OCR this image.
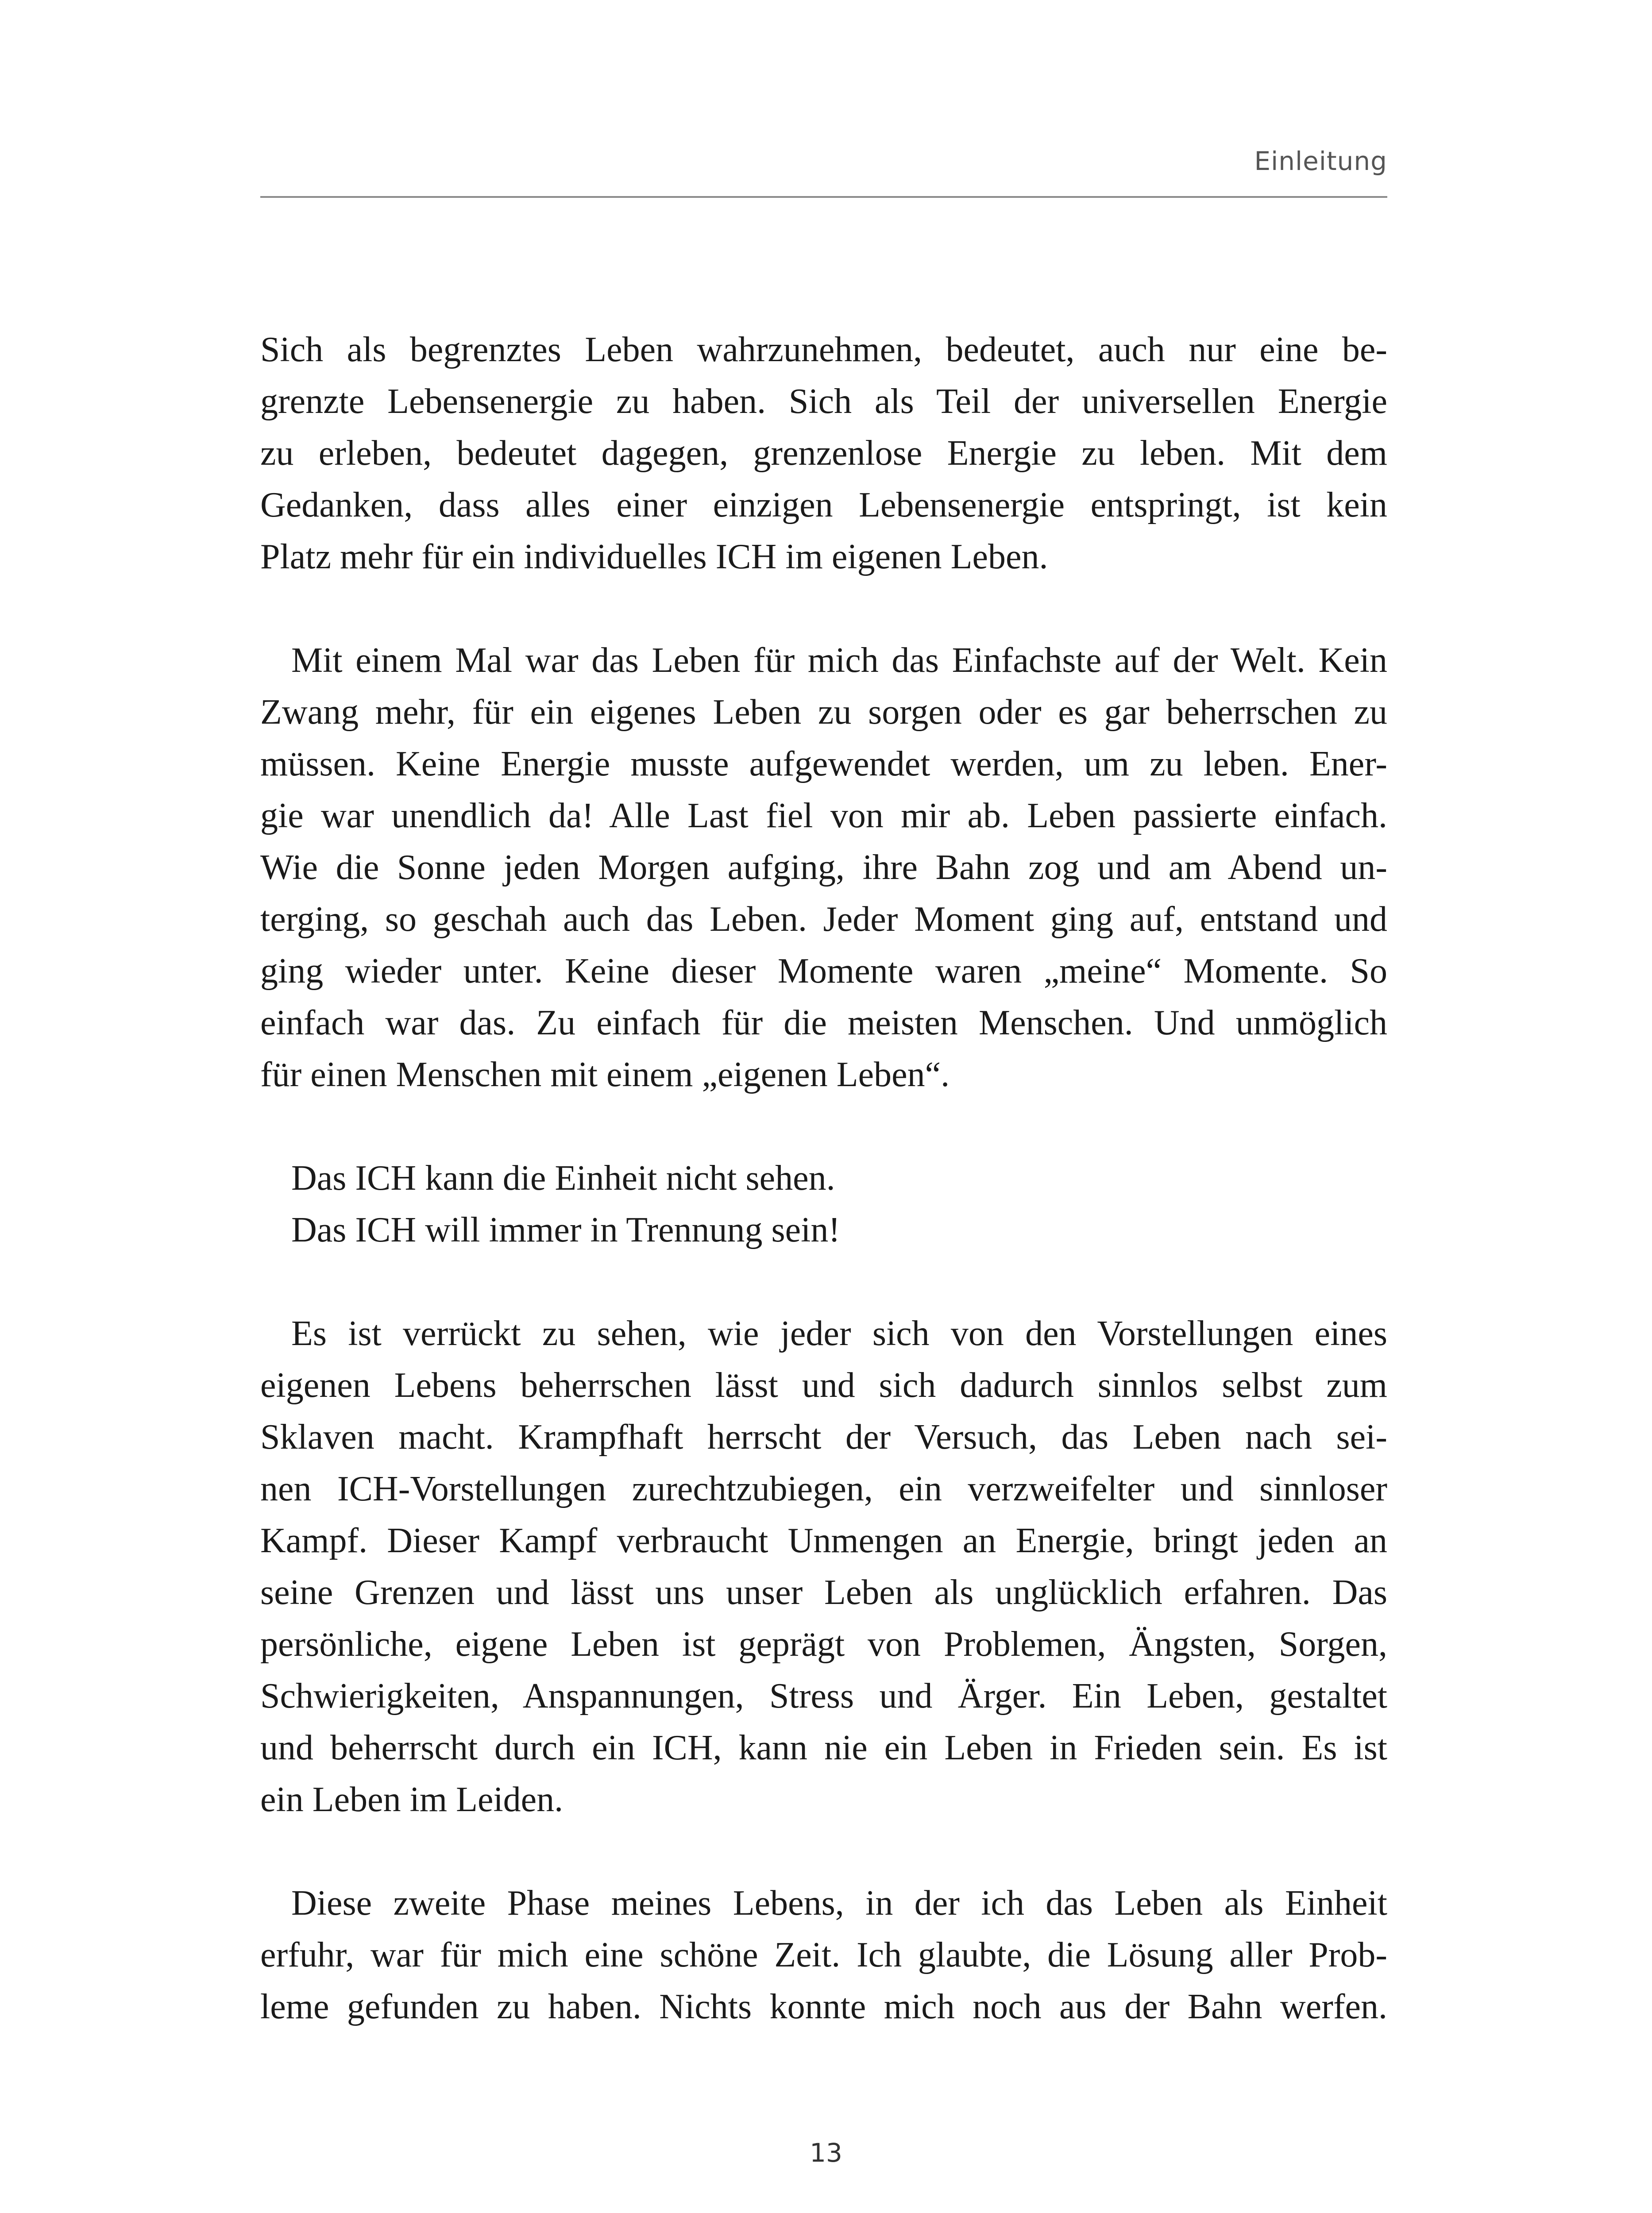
Einleitung
Sich als begrenztes Leben wahrzunehmen, bedeutet, auch nur eine be-
grenzte Lebensenergie zu haben. Sich als Teil der universellen Energie
zu erleben, bedeutet dagegen, grenzenlose Energie zu leben. Mit dem
Gedanken, dass alles einer einzigen Lebensenergie entspringt, ist kein
Platz mehr für ein individuelles ICH im eigenen Leben.
Mit einem Mal war das Leben für mich das Einfachste auf der Welt. Kein
Zwang mehr, für ein eigenes Leben zu sorgen oder es gar beherrschen zu
müssen. Keine Energie musste aufgewendet werden, um zu leben. Ener-
gie war unendlich da! Alle Last fiel von mir ab. Leben passierte einfach.
Wie die Sonne jeden Morgen aufging, ihre Bahn zog und am Abend un-
terging, so geschah auch das Leben. Jeder Moment ging auf, entstand und
ging wieder unter. Keine dieser Momente waren „meine“ Momente. So
einfach war das. Zu einfach für die meisten Menschen. Und unmöglich
für einen Menschen mit einem „eigenen Leben“.
Das ICH kann die Einheit nicht sehen.
Das ICH will immer in Trennung sein!
Es ist verrückt zu sehen, wie jeder sich von den Vorstellungen eines
eigenen Lebens beherrschen lässt und sich dadurch sinnlos selbst zum
Sklaven macht. Krampfhaft herrscht der Versuch, das Leben nach sei-
nen ICH-Vorstellungen zurechtzubiegen, ein verzweifelter und sinnloser
Kampf. Dieser Kampf verbraucht Unmengen an Energie, bringt jeden an
seine Grenzen und lässt uns unser Leben als unglücklich erfahren. Das
persönliche, eigene Leben ist geprägt von Problemen, Ängsten, Sorgen,
Schwierigkeiten, Anspannungen, Stress und Ärger. Ein Leben, gestaltet
und beherrscht durch ein ICH, kann nie ein Leben in Frieden sein. Es ist
ein Leben im Leiden.
Diese zweite Phase meines Lebens, in der ich das Leben als Einheit
erfuhr, war für mich eine schöne Zeit. Ich glaubte, die Lösung aller Prob-
leme gefunden zu haben. Nichts konnte mich noch aus der Bahn werfen.
13
